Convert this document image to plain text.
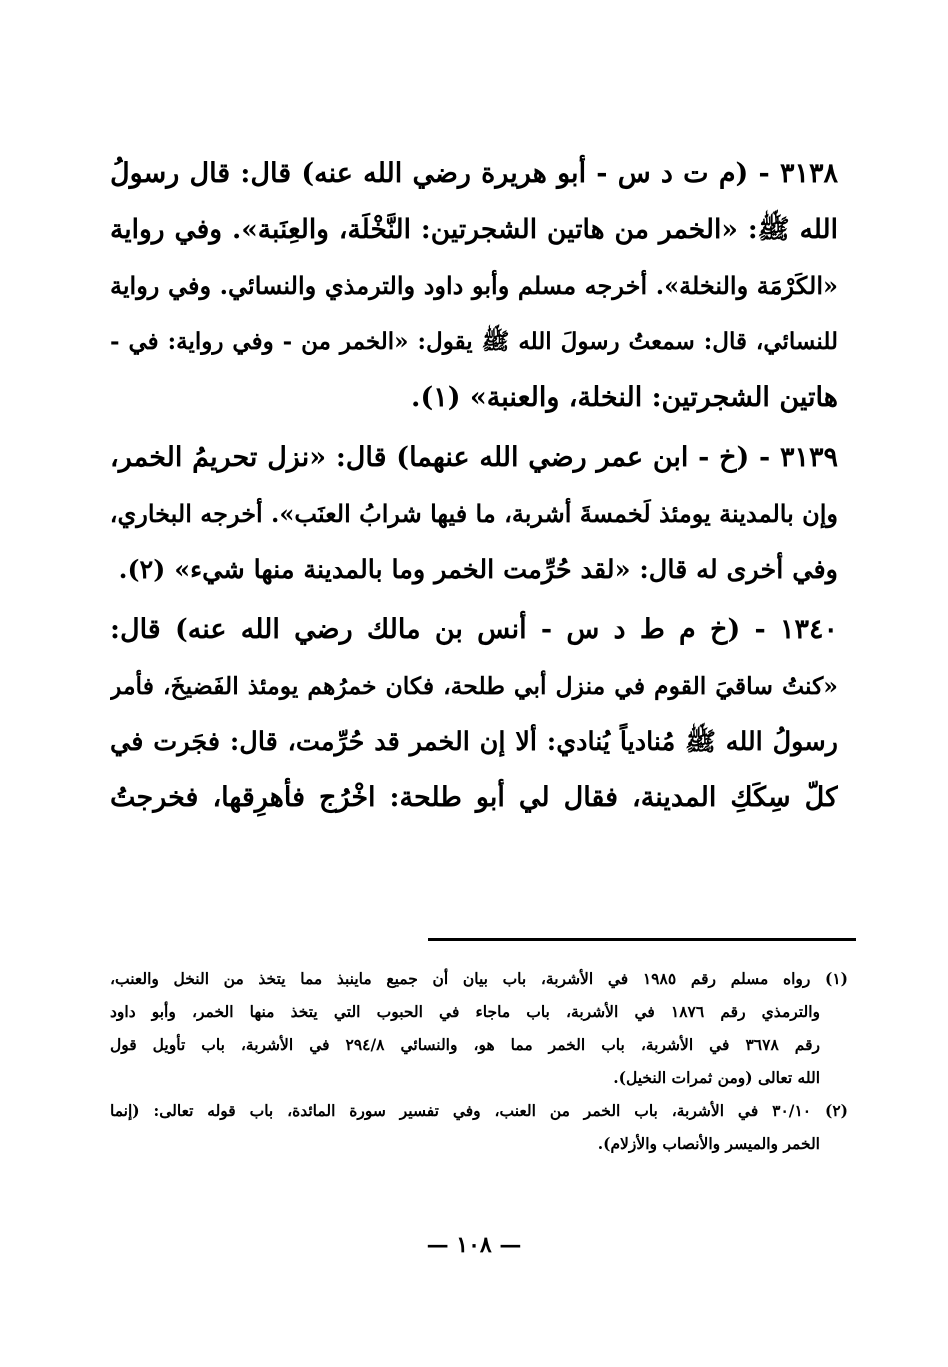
٣١٣٨ - (م ت د س - أبو هريرة رضي الله عنه) قال: قال رسولُ
الله ﷺ: «الخمر من هاتين الشجرتين: النَّخْلَة، والعِنَبة». وفي رواية
«الكَرْمَة والنخلة». أخرجه مسلم وأبو داود والترمذي والنسائي. وفي رواية
للنسائي، قال: سمعتُ رسولَ الله ﷺ يقول: «الخمر من - وفي رواية: في -
هاتين الشجرتين: النخلة، والعنبة» (١).
٣١٣٩ - (خ - ابن عمر رضي الله عنهما) قال: «نزل تحريمُ الخمر،
وإن بالمدينة يومئذ لَخمسةَ أشربة، ما فيها شرابُ العنَب». أخرجه البخاري،
وفي أخرى له قال: «لقد حُرِّمت الخمر وما بالمدينة منها شيء» (٢).
١٣٤٠ - (خ م ط د س - أنس بن مالك رضي الله عنه) قال:
«كنتُ ساقيَ القوم في منزل أبي طلحة، فكان خمرُهم يومئذ الفَضيخَ، فأمر
رسولُ الله ﷺ مُنادياً يُنادي: ألا إن الخمر قد حُرِّمت، قال: فجَرت في
كلّ سِكَكِ المدينة، فقال لي أبو طلحة: اخْرُج فأهرِقها، فخرجتُ
(١) رواه مسلم رقم ١٩٨٥ في الأشربة، باب بيان أن جميع ماينبذ مما يتخذ من النخل والعنب،
والترمذي رقم ١٨٧٦ في الأشربة، باب ماجاء في الحبوب التي يتخذ منها الخمر، وأبو داود
رقم ٣٦٧٨ في الأشربة، باب الخمر مما هو، والنسائي ٢٩٤/٨ في الأشربة، باب تأويل قول
الله تعالى (ومن ثمرات النخيل).
(٢) ٣٠/١٠ في الأشربة، باب الخمر من العنب، وفي تفسير سورة المائدة، باب قوله تعالى: (إنما
الخمر والميسر والأنصاب والأزلام).
— ١٠٨ —
